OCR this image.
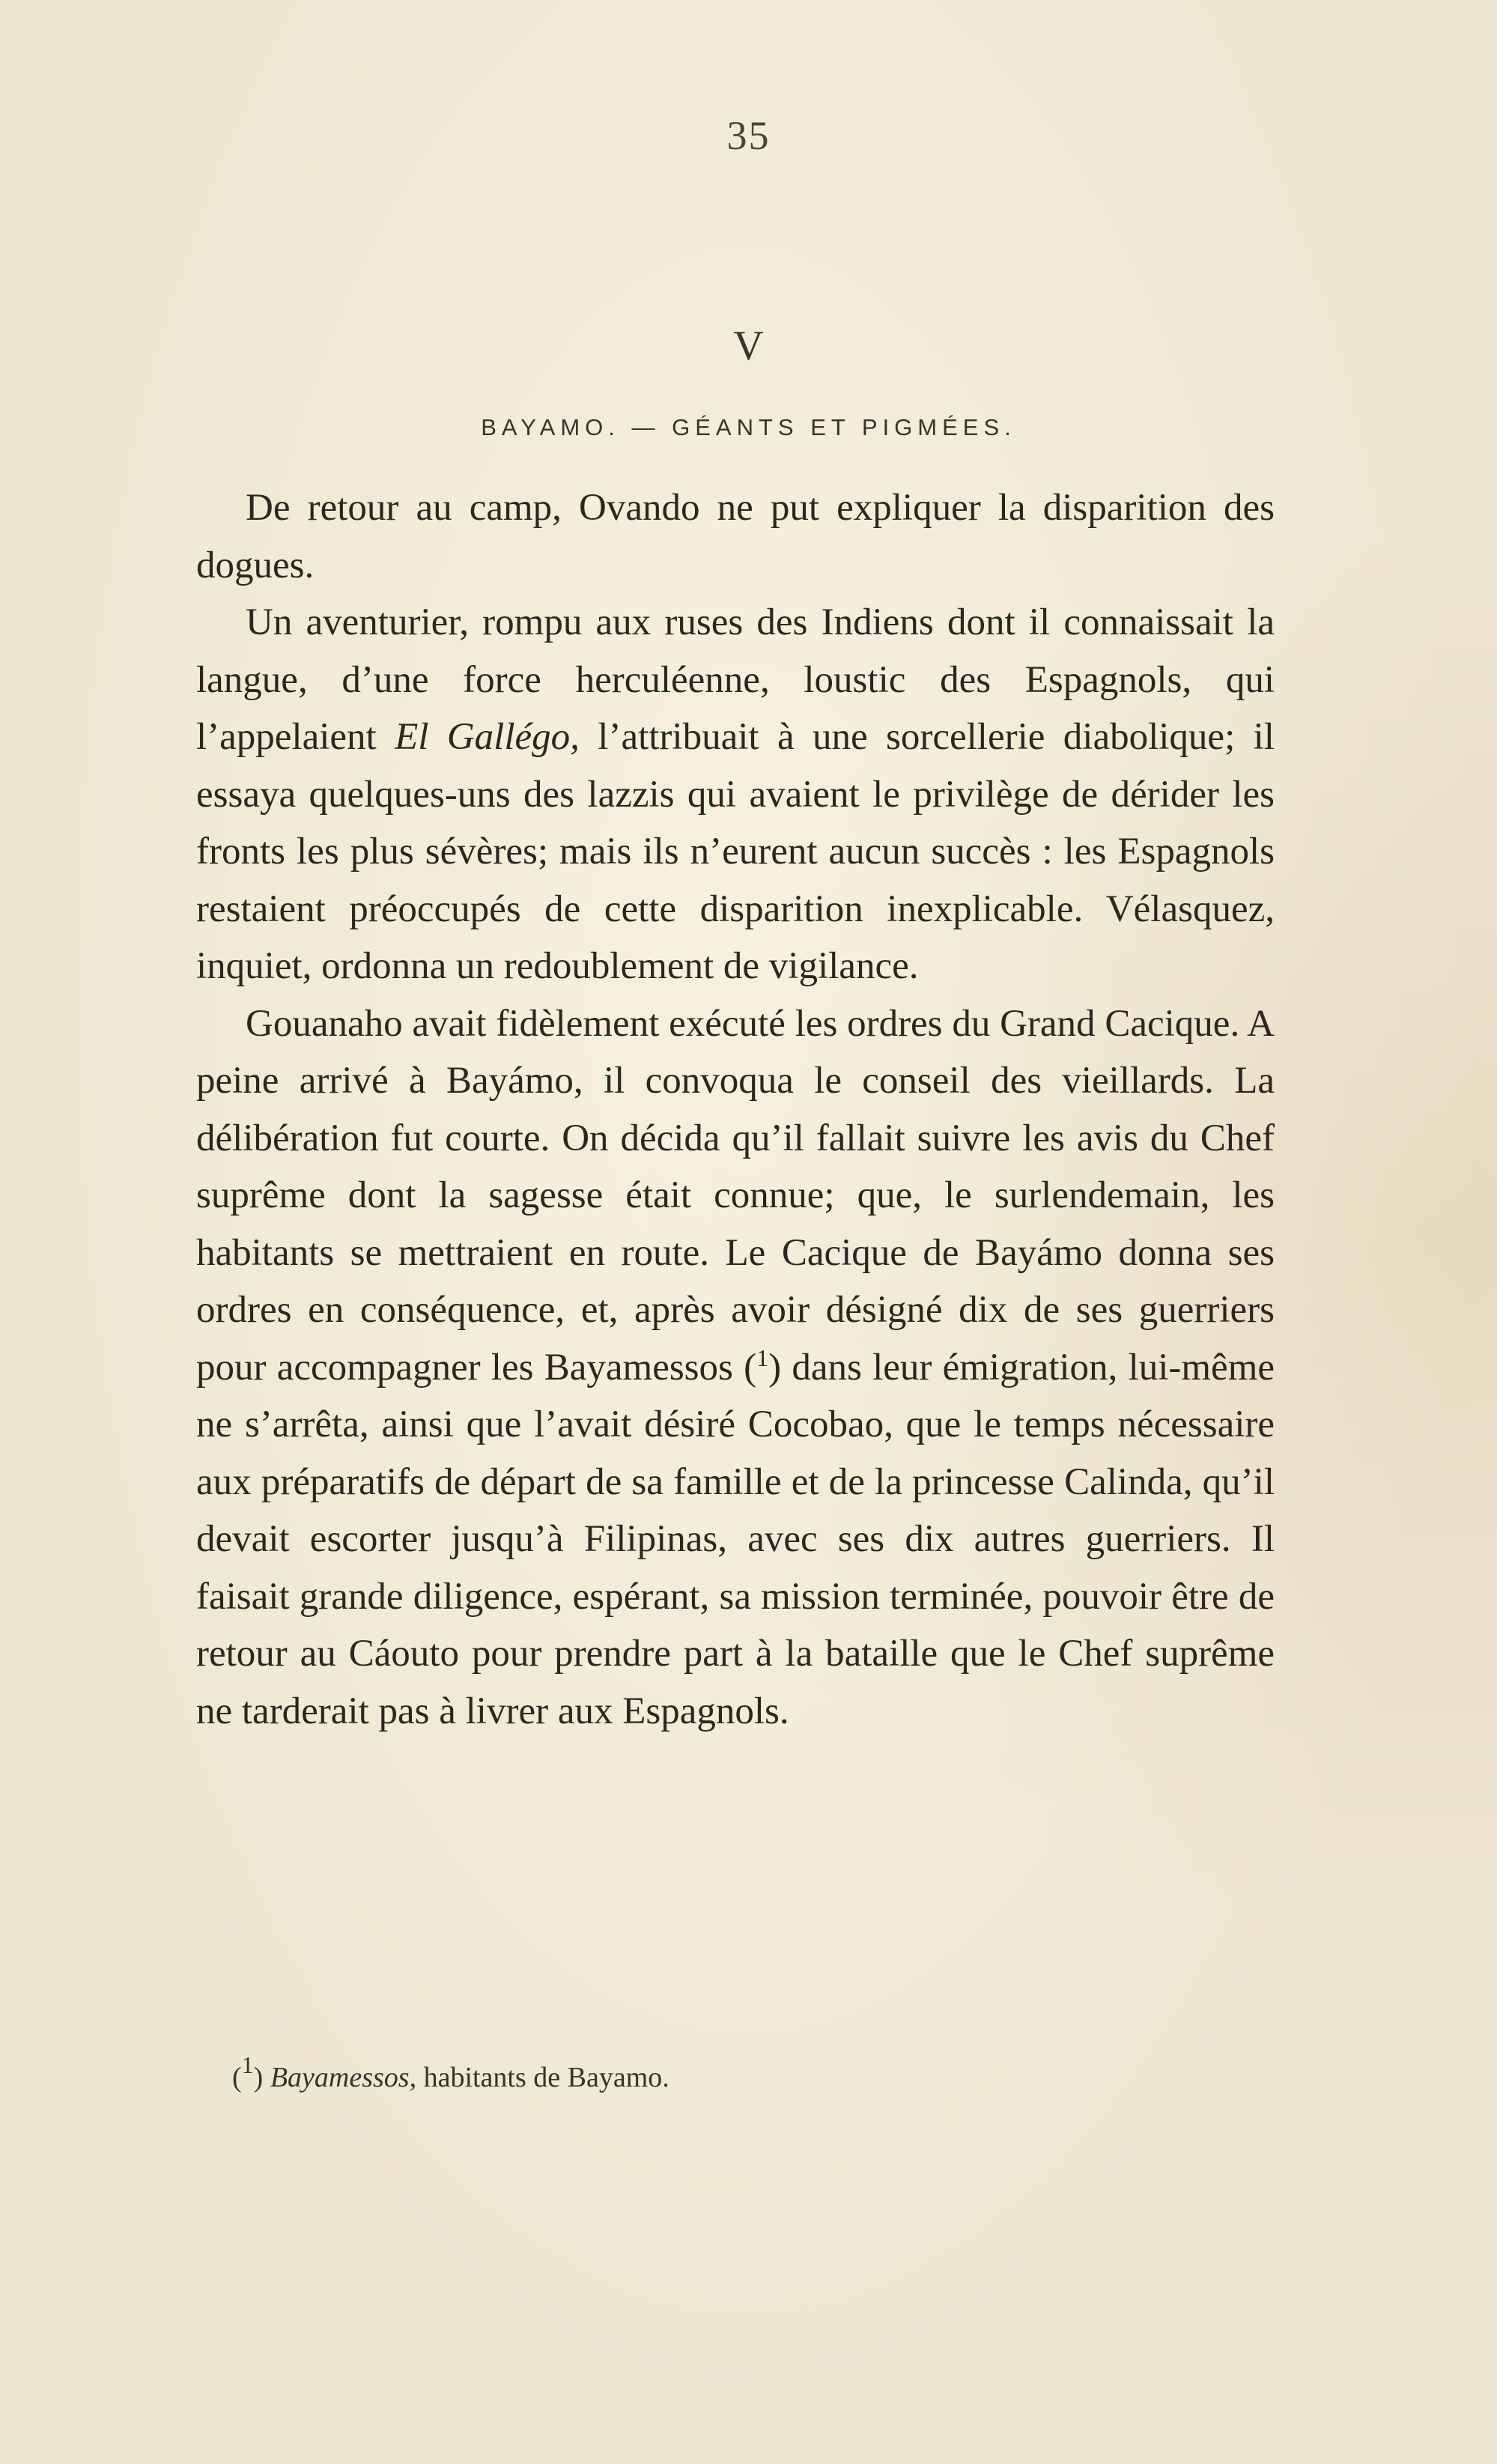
35
V
BAYAMO. — GÉANTS ET PIGMÉES.

De retour au camp, Ovando ne put expliquer la disparition des dogues.

Un aventurier, rompu aux ruses des Indiens dont il connaissait la langue, d’une force herculéenne, loustic des Espagnols, qui l’appelaient El Gallégo, l’attribuait à une sorcellerie diabolique; il essaya quelques-uns des lazzis qui avaient le privilège de dérider les fronts les plus sévères; mais ils n’eurent aucun succès : les Espagnols restaient préoccupés de cette disparition inexplicable. Vélasquez, inquiet, ordonna un redoublement de vigilance.

Gouanaho avait fidèlement exécuté les ordres du Grand Cacique. A peine arrivé à Bayámo, il convoqua le conseil des vieillards. La délibération fut courte. On décida qu’il fallait suivre les avis du Chef suprême dont la sagesse était connue; que, le surlendemain, les habitants se mettraient en route. Le Cacique de Bayámo donna ses ordres en conséquence, et, après avoir désigné dix de ses guerriers pour accompagner les Bayamessos ($^1$) dans leur émigration, lui-même ne s’arrêta, ainsi que l’avait désiré Cocobao, que le temps nécessaire aux préparatifs de départ de sa famille et de la princesse Calinda, qu’il devait escorter jusqu’à Filipinas, avec ses dix autres guerriers. Il faisait grande diligence, espérant, sa mission terminée, pouvoir être de retour au Cáouto pour prendre part à la bataille que le Chef suprême ne tarderait pas à livrer aux Espagnols.

($^1$) Bayamessos, habitants de Bayamo.
